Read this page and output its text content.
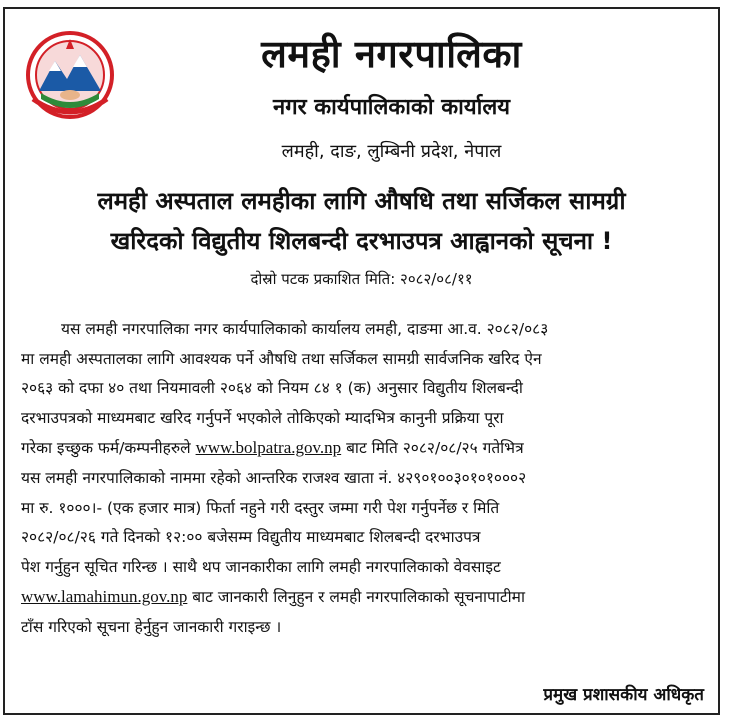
लमही नगरपालिका
नगर कार्यपालिकाको कार्यालय
लमही, दाङ, लुम्बिनी प्रदेश, नेपाल
लमही अस्पताल लमहीका लागि औषधि तथा सर्जिकल सामग्री
खरिदको विद्युतीय शिलबन्दी दरभाउपत्र आह्वानको सूचना !
दोस्रो पटक प्रकाशित मिति: २०८२/०८/११
यस लमही नगरपालिका नगर कार्यपालिकाको कार्यालय लमही, दाङमा आ.व. २०८२/०८३
मा लमही अस्पतालका लागि आवश्यक पर्ने औषधि तथा सर्जिकल सामग्री सार्वजनिक खरिद ऐन
२०६३ को दफा ४० तथा नियमावली २०६४ को नियम ८४ १ (क) अनुसार विद्युतीय शिलबन्दी
दरभाउपत्रको माध्यमबाट खरिद गर्नुपर्ने भएकोले तोकिएको म्यादभित्र कानुनी प्रक्रिया पूरा
गरेका इच्छुक फर्म/कम्पनीहरुले www.bolpatra.gov.np बाट मिति २०८२/०८/२५ गतेभित्र
यस लमही नगरपालिकाको नाममा रहेको आन्तरिक राजश्व खाता नं. ४२९०१००३०१०१०००२
मा रु. १०००।- (एक हजार मात्र) फिर्ता नहुने गरी दस्तुर जम्मा गरी पेश गर्नुपर्नेछ र मिति
२०८२/०८/२६ गते दिनको १२:०० बजेसम्म विद्युतीय माध्यमबाट शिलबन्दी दरभाउपत्र
पेश गर्नुहुन सूचित गरिन्छ । साथै थप जानकारीका लागि लमही नगरपालिकाको वेवसाइट
www.lamahimun.gov.np बाट जानकारी लिनुहुन र लमही नगरपालिकाको सूचनापाटीमा
टाँस गरिएको सूचना हेर्नुहुन जानकारी गराइन्छ ।
प्रमुख प्रशासकीय अधिकृत
